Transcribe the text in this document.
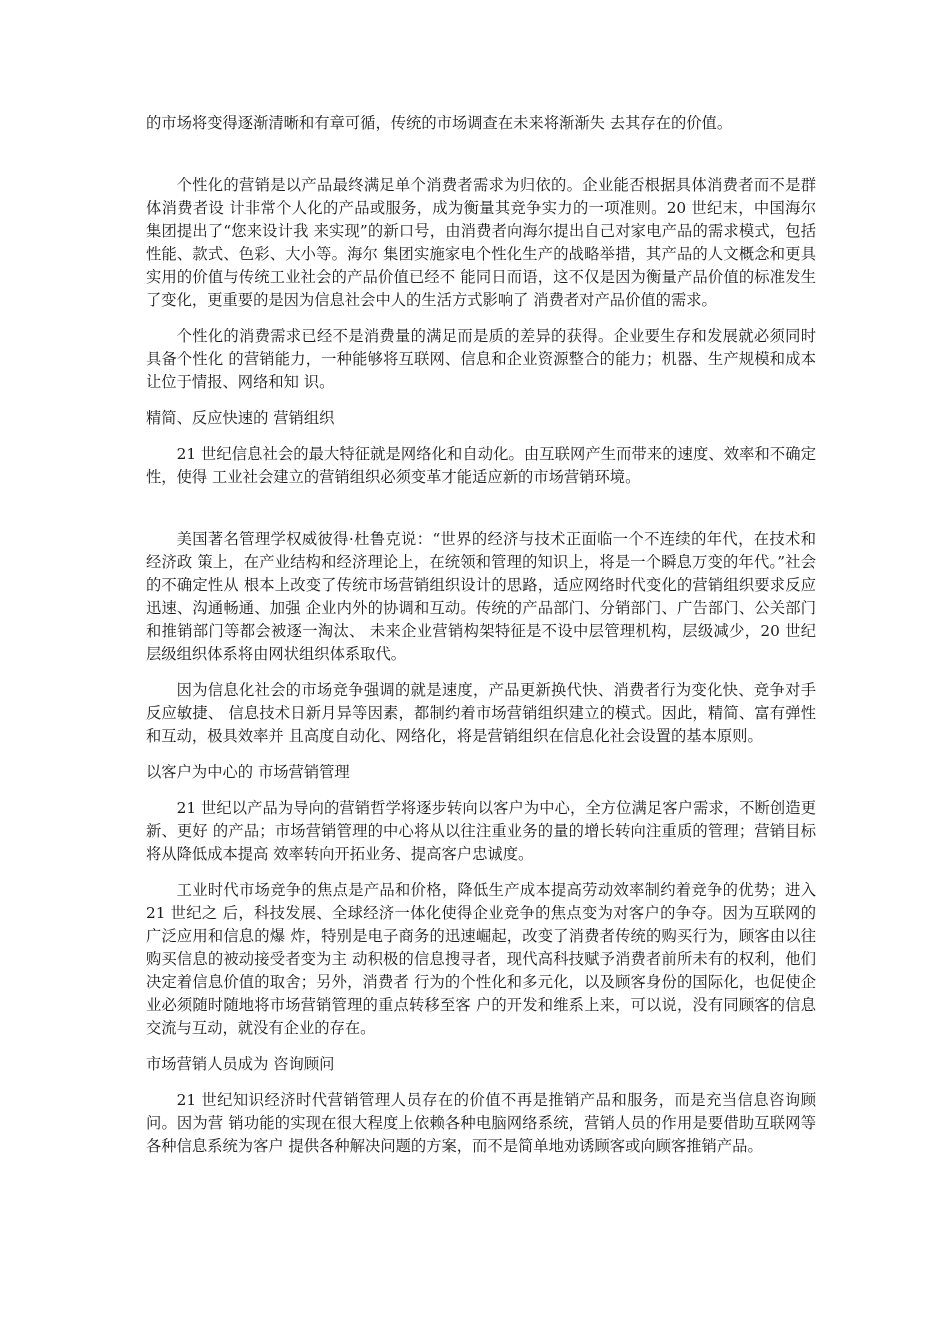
的市场将变得逐渐清晰和有章可循，传统的市场调查在未来将渐渐失 去其存在的价值。

个性化的营销是以产品最终满足单个消费者需求为归依的。企业能否根据具体消费者而不是群体消费者设 计非常个人化的产品或服务，成为衡量其竞争实力的一项准则。20 世纪末，中国海尔集团提出了“您来设计我 来实现”的新口号，由消费者向海尔提出自己对家电产品的需求模式，包括性能、款式、色彩、大小等。海尔 集团实施家电个性化生产的战略举措，其产品的人文概念和更具实用的价值与传统工业社会的产品价值已经不 能同日而语，这不仅是因为衡量产品价值的标准发生了变化，更重要的是因为信息社会中人的生活方式影响了 消费者对产品价值的需求。

个性化的消费需求已经不是消费量的满足而是质的差异的获得。企业要生存和发展就必须同时具备个性化 的营销能力，一种能够将互联网、信息和企业资源整合的能力；机器、生产规模和成本让位于情报、网络和知 识。

精简、反应快速的 营销组织

21 世纪信息社会的最大特征就是网络化和自动化。由互联网产生而带来的速度、效率和不确定性，使得 工业社会建立的营销组织必须变革才能适应新的市场营销环境。

美国著名管理学权威彼得·杜鲁克说：“世界的经济与技术正面临一个不连续的年代，在技术和经济政 策上，在产业结构和经济理论上，在统领和管理的知识上，将是一个瞬息万变的年代。”社会的不确定性从 根本上改变了传统市场营销组织设计的思路，适应网络时代变化的营销组织要求反应迅速、沟通畅通、加强 企业内外的协调和互动。传统的产品部门、分销部门、广告部门、公关部门和推销部门等都会被逐一淘汰、 未来企业营销构架特征是不设中层管理机构，层级减少，20 世纪层级组织体系将由网状组织体系取代。

因为信息化社会的市场竞争强调的就是速度，产品更新换代快、消费者行为变化快、竞争对手反应敏捷、 信息技术日新月异等因素，都制约着市场营销组织建立的模式。因此，精简、富有弹性和互动，极具效率并 且高度自动化、网络化，将是营销组织在信息化社会设置的基本原则。

以客户为中心的 市场营销管理

21 世纪以产品为导向的营销哲学将逐步转向以客户为中心，全方位满足客户需求，不断创造更新、更好 的产品；市场营销管理的中心将从以往注重业务的量的增长转向注重质的管理；营销目标将从降低成本提高 效率转向开拓业务、提高客户忠诚度。

工业时代市场竞争的焦点是产品和价格，降低生产成本提高劳动效率制约着竞争的优势；进入 21 世纪之 后，科技发展、全球经济一体化使得企业竞争的焦点变为对客户的争夺。因为互联网的广泛应用和信息的爆 炸，特别是电子商务的迅速崛起，改变了消费者传统的购买行为，顾客由以往购买信息的被动接受者变为主 动积极的信息搜寻者，现代高科技赋予消费者前所未有的权利，他们决定着信息价值的取舍；另外，消费者 行为的个性化和多元化，以及顾客身份的国际化，也促使企业必须随时随地将市场营销管理的重点转移至客 户的开发和维系上来，可以说，没有同顾客的信息交流与互动，就没有企业的存在。

市场营销人员成为 咨询顾问

21 世纪知识经济时代营销管理人员存在的价值不再是推销产品和服务，而是充当信息咨询顾问。因为营 销功能的实现在很大程度上依赖各种电脑网络系统，营销人员的作用是要借助互联网等各种信息系统为客户 提供各种解决问题的方案，而不是简单地劝诱顾客或向顾客推销产品。
